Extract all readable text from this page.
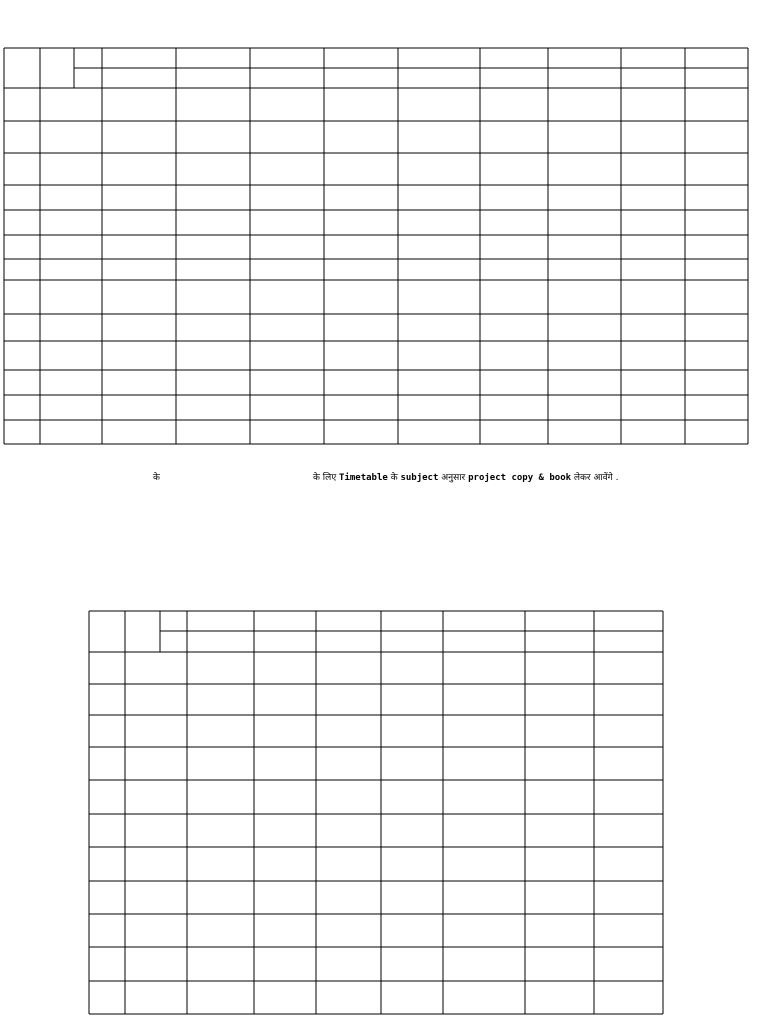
के	के लिए Timetable के subject अनुसार project copy & book लेकर आवेंगे .
